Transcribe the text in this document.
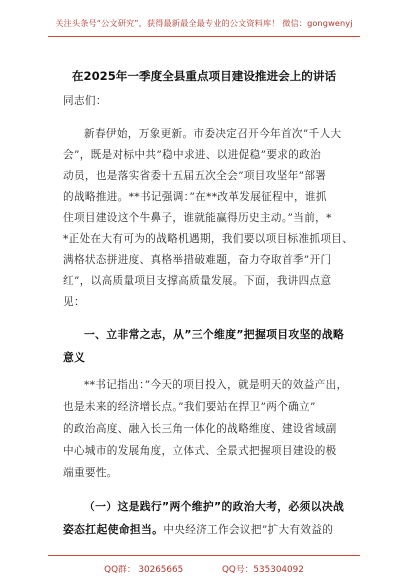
关注头条号“公文研究”，获得最新最全最专业的公文资料库！ 微信：gongwenyj
在2025年一季度全县重点项目建设推进会上的讲话
同志们：
新春伊始，万象更新。市委决定召开今年首次”千人大
会”，既是对标中共”稳中求进、以进促稳”要求的政治
动员，也是落实省委十五届五次全会”项目攻坚年”部署
的战略推进。**书记强调：”在**改革发展征程中，谁抓
住项目建设这个牛鼻子，谁就能赢得历史主动。”当前，*
*正处在大有可为的战略机遇期，我们要以项目标准抓项目、
满格状态拼进度、真格举措破难题，奋力夺取首季”开门
红”，以高质量项目支撑高质量发展。下面，我讲四点意
见：
一、立非常之志，从”三个维度”把握项目攻坚的战略
意义
**书记指出：”今天的项目投入，就是明天的效益产出，
也是未来的经济增长点。”我们要站在捍卫”两个确立”
的政治高度、融入长三角一体化的战略维度、建设省域副
中心城市的发展角度，立体式、全景式把握项目建设的极
端重要性。
（一）这是践行”两个维护”的政治大考，必须以决战
姿态扛起使命担当。中央经济工作会议把”扩大有效益的
QQ群： 30265665	QQ号：535304092
